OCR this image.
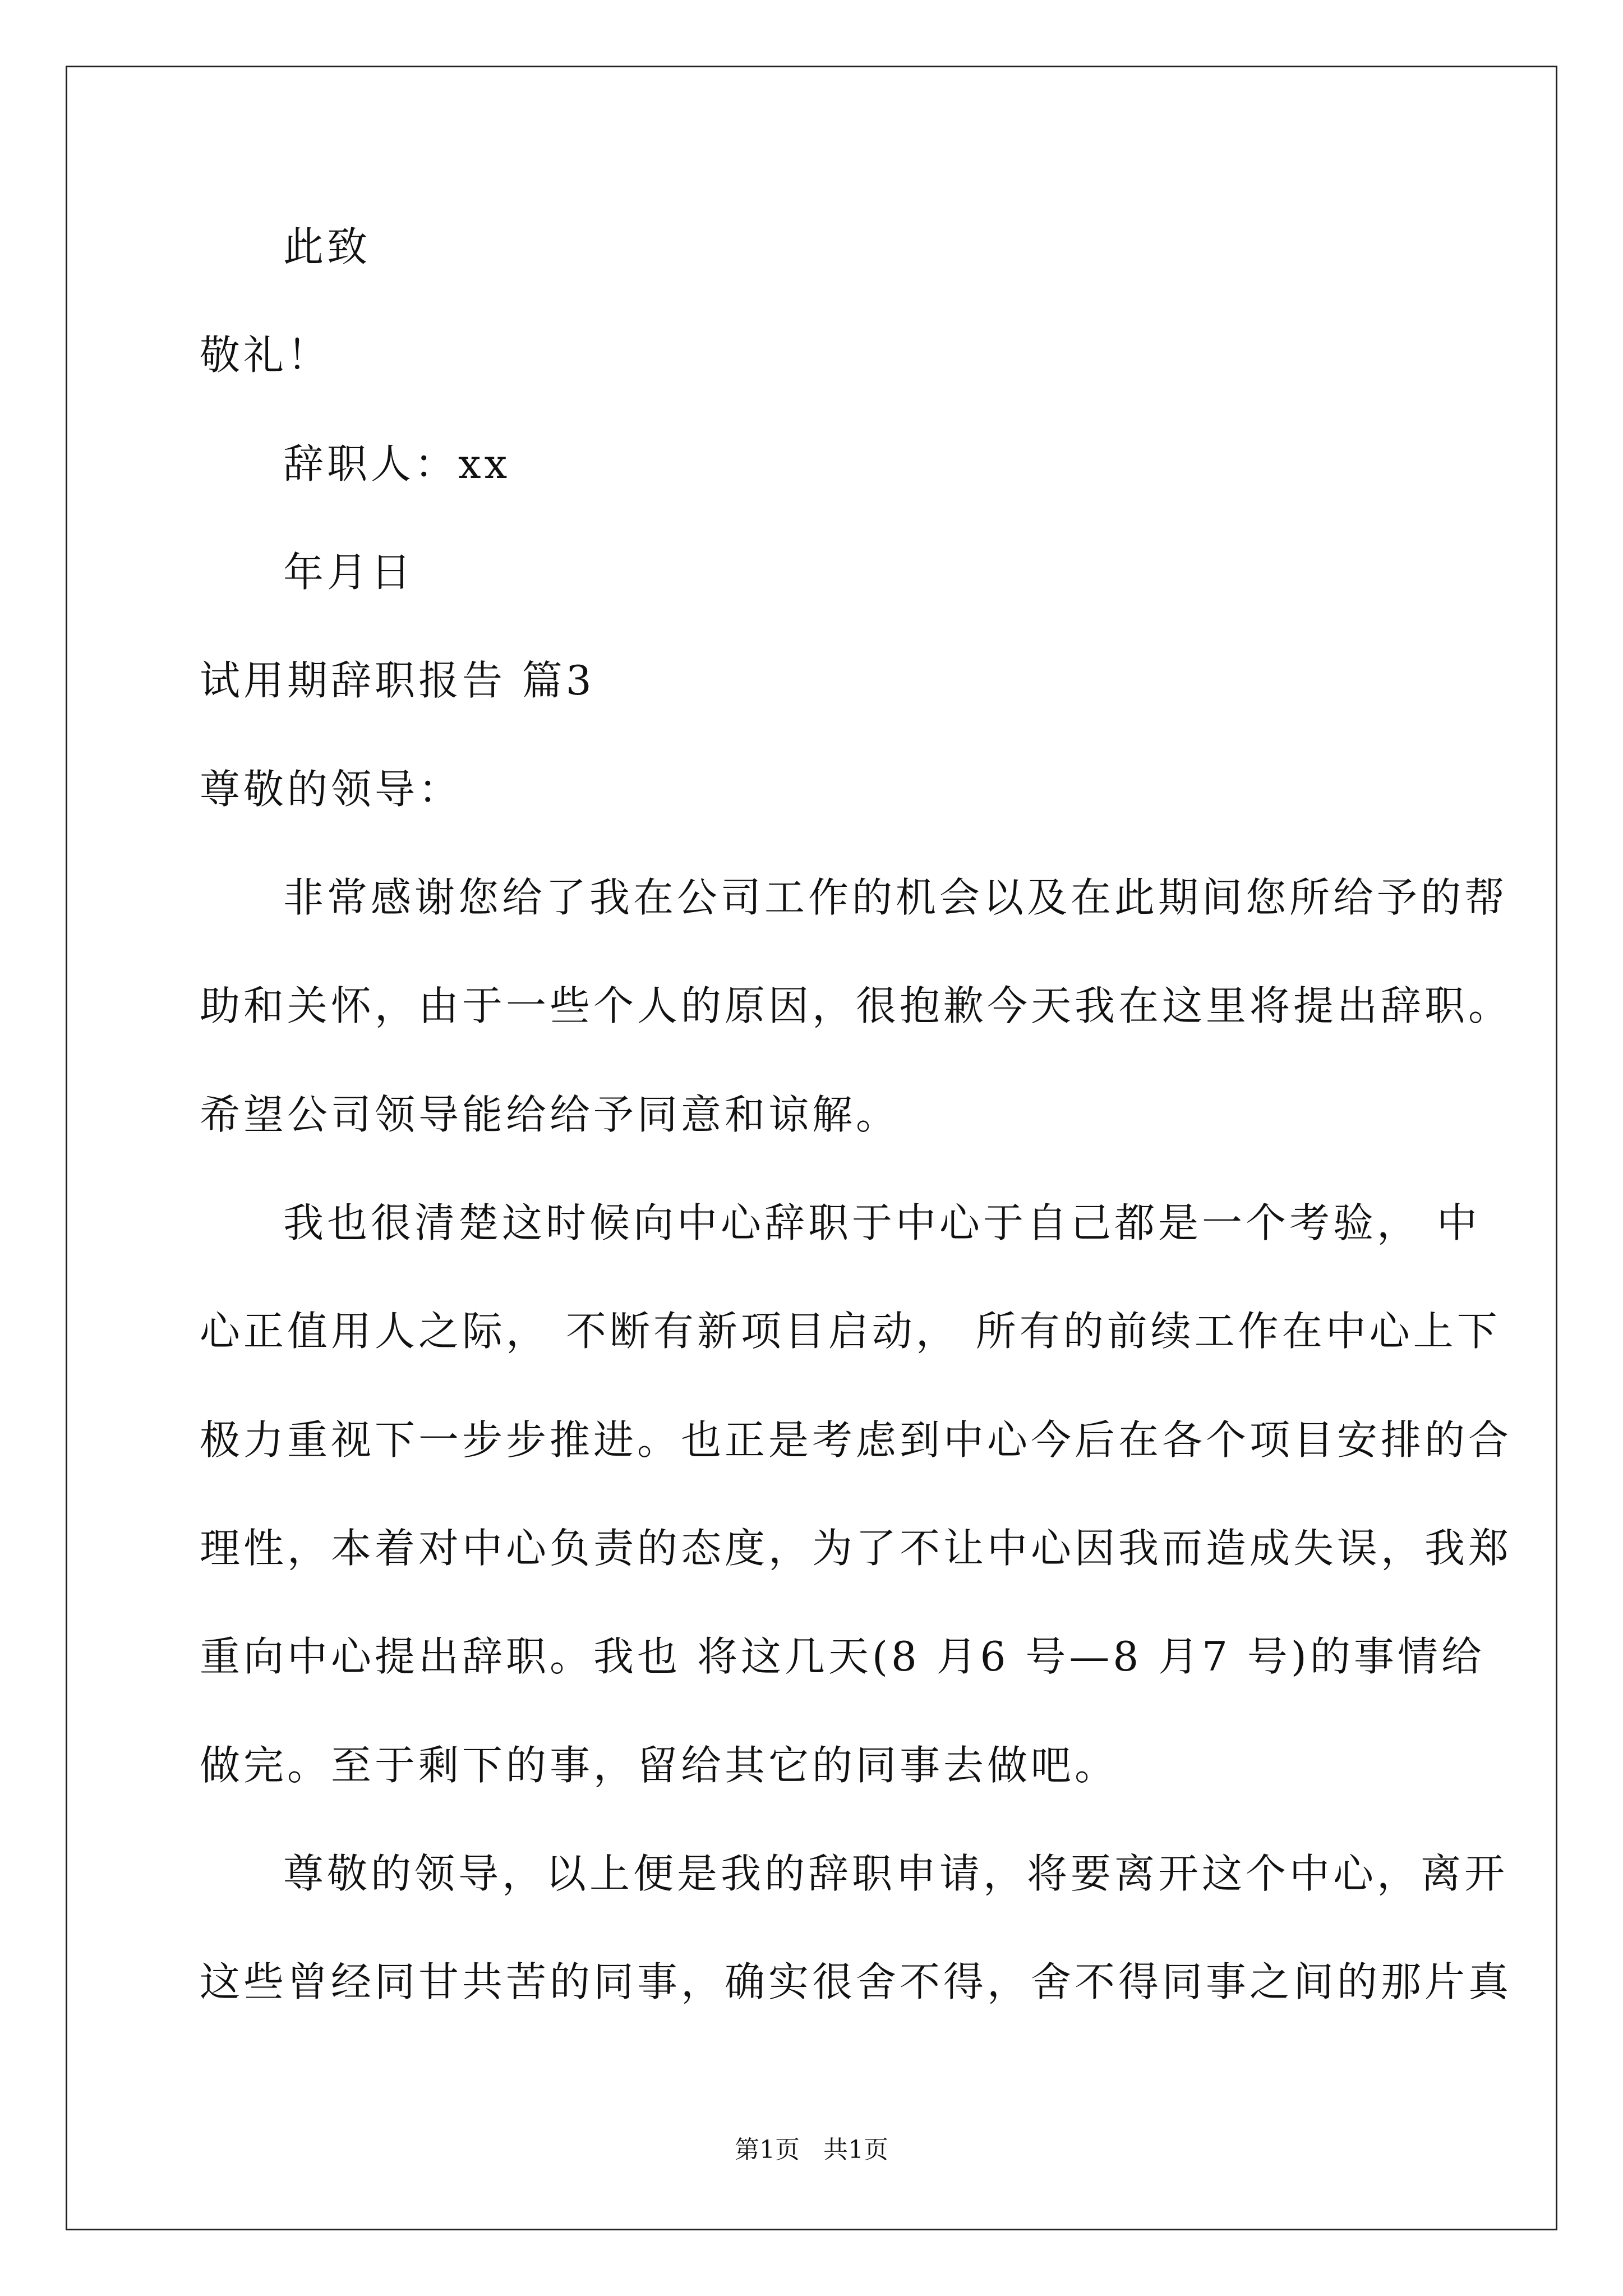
此致
敬礼！
辞职人：xx
年月日
试用期辞职报告 篇3
尊敬的领导：
非常感谢您给了我在公司工作的机会以及在此期间您所给予的帮
助和关怀，由于一些个人的原因，很抱歉今天我在这里将提出辞职。
希望公司领导能给给予同意和谅解。
我也很清楚这时候向中心辞职于中心于自己都是一个考验， 中
心正值用人之际， 不断有新项目启动， 所有的前续工作在中心上下
极力重视下一步步推进。也正是考虑到中心今后在各个项目安排的合
理性，本着对中心负责的态度，为了不让中心因我而造成失误，我郑
重向中心提出辞职。我也 将这几天(8 月6 号—8 月7 号)的事情给
做完。至于剩下的事，留给其它的同事去做吧。
尊敬的领导，以上便是我的辞职申请，将要离开这个中心，离开
这些曾经同甘共苦的同事，确实很舍不得，舍不得同事之间的那片真
第1页   共1页
